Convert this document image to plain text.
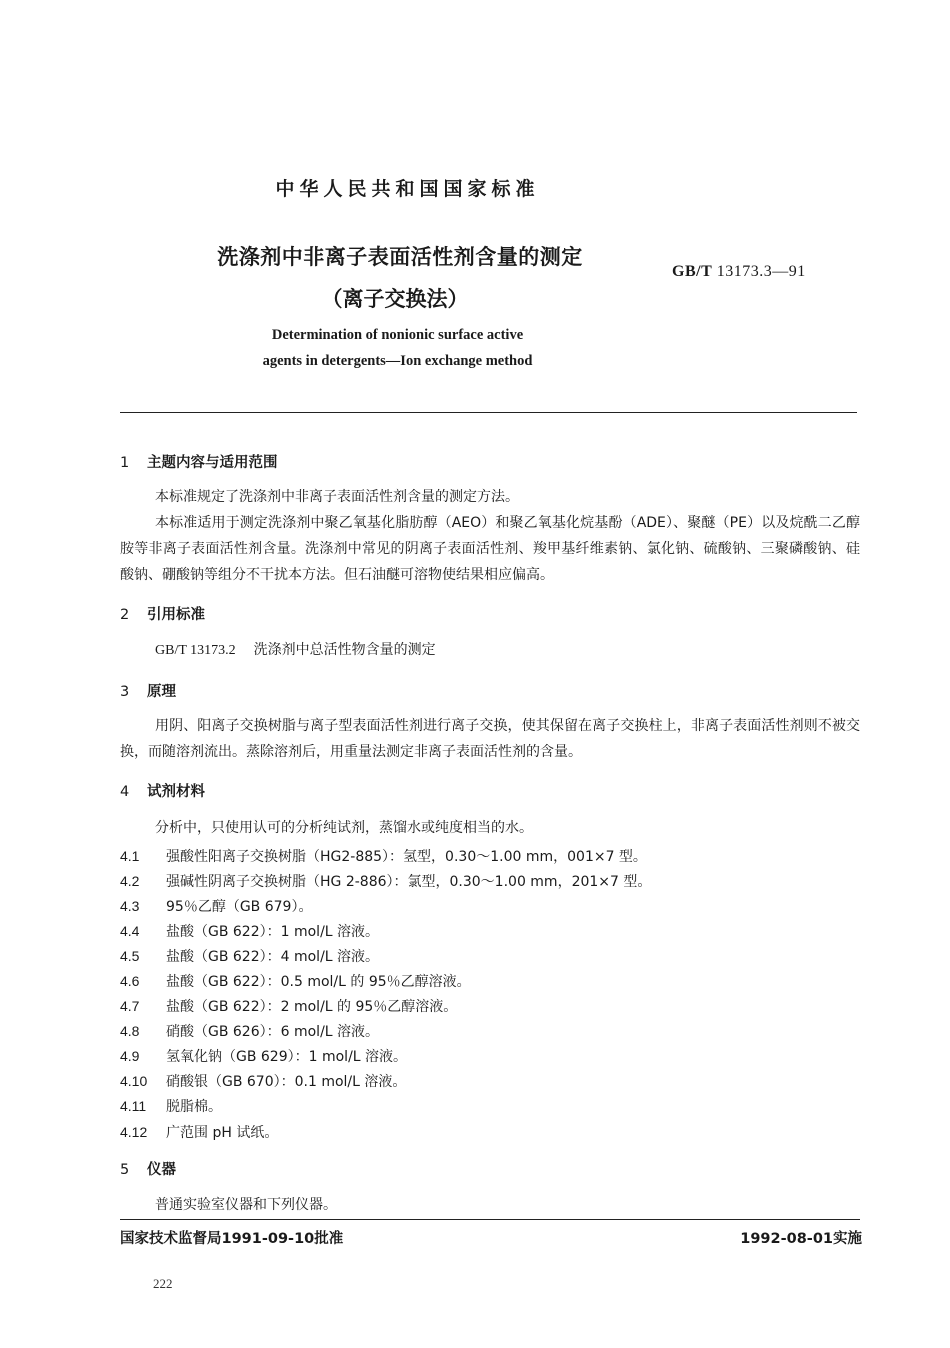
中华人民共和国国家标准
洗涤剂中非离子表面活性剂含量的测定
（离子交换法）
GB/T 13173.3—91
Determination of nonionic surface active
agents in detergents—Ion exchange method
1 主题内容与适用范围

本标准规定了洗涤剂中非离子表面活性剂含量的测定方法。

本标准适用于测定洗涤剂中聚乙氧基化脂肪醇（AEO）和聚乙氧基化烷基酚（ADE）、聚醚（PE）以及烷酰二乙醇胺等非离子表面活性剂含量。洗涤剂中常见的阴离子表面活性剂、羧甲基纤维素钠、氯化钠、硫酸钠、三聚磷酸钠、硅酸钠、硼酸钠等组分不干扰本方法。但石油醚可溶物使结果相应偏高。

2 引用标准
GB/T 13173.2 洗涤剂中总活性物含量的测定
3 原理

用阴、阳离子交换树脂与离子型表面活性剂进行离子交换，使其保留在离子交换柱上，非离子表面活性剂则不被交换，而随溶剂流出。蒸除溶剂后，用重量法测定非离子表面活性剂的含量。

4 试剂材料

分析中，只使用认可的分析纯试剂，蒸馏水或纯度相当的水。

4.1 强酸性阳离子交换树脂（HG2-885）：氢型，0.30～1.00 mm，001×7 型。
4.2 强碱性阴离子交换树脂（HG 2-886）：氯型，0.30～1.00 mm，201×7 型。
4.3 95％乙醇（GB 679）。
4.4 盐酸（GB 622）：1 mol/L 溶液。
4.5 盐酸（GB 622）：4 mol/L 溶液。
4.6 盐酸（GB 622）：0.5 mol/L 的 95％乙醇溶液。
4.7 盐酸（GB 622）：2 mol/L 的 95％乙醇溶液。
4.8 硝酸（GB 626）：6 mol/L 溶液。
4.9 氢氧化钠（GB 629）：1 mol/L 溶液。
4.10 硝酸银（GB 670）：0.1 mol/L 溶液。
4.11 脱脂棉。
4.12 广范围 pH 试纸。
5 仪器

普通实验室仪器和下列仪器。

国家技术监督局1991-09-10批准	1992-08-01实施
222
